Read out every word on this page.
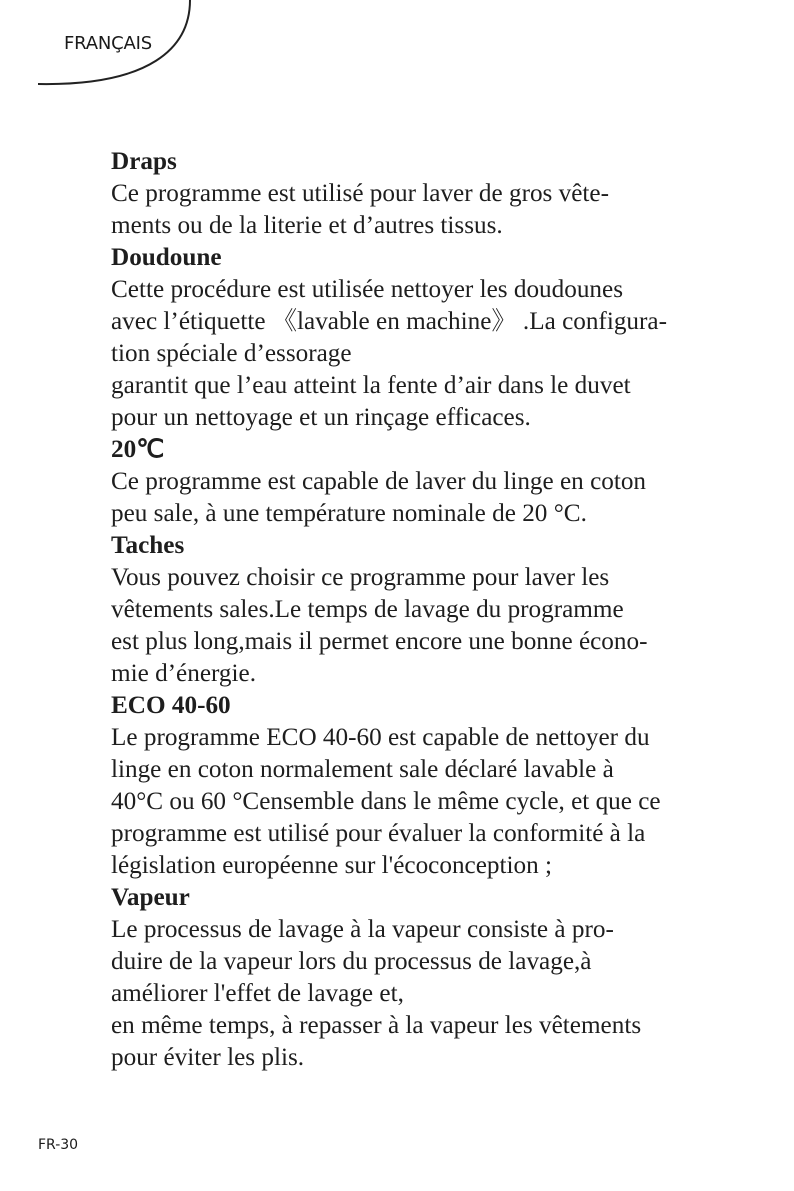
FRANÇAIS
Draps
Ce programme est utilisé pour laver de gros vête-
ments ou de la literie et d’autres tissus.
Doudoune
Cette procédure est utilisée nettoyer les doudounes
avec l’étiquette 《lavable en machine》 .La configura-
tion spéciale d’essorage
garantit que l’eau atteint la fente d’air dans le duvet
pour un nettoyage et un rinçage efficaces.
20℃
Ce programme est capable de laver du linge en coton
peu sale, à une température nominale de 20 °C.
Taches
Vous pouvez choisir ce programme pour laver les
vêtements sales.Le temps de lavage du programme
est plus long,mais il permet encore une bonne écono-
mie d’énergie.
ECO 40-60
Le programme ECO 40-60 est capable de nettoyer du
linge en coton normalement sale déclaré lavable à
40°C ou 60 °Censemble dans le même cycle, et que ce
programme est utilisé pour évaluer la conformité à la
législation européenne sur l'écoconception ;
Vapeur
Le processus de lavage à la vapeur consiste à pro-
duire de la vapeur lors du processus de lavage,à
améliorer l'effet de lavage et,
en même temps, à repasser à la vapeur les vêtements
pour éviter les plis.
FR-30
